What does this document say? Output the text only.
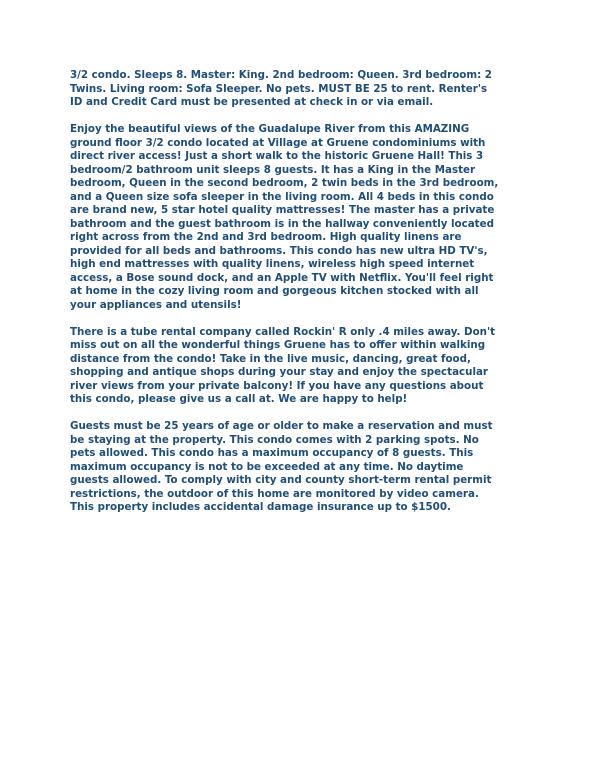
3/2 condo. Sleeps 8. Master: King. 2nd bedroom: Queen. 3rd bedroom: 2
Twins. Living room: Sofa Sleeper. No pets. MUST BE 25 to rent. Renter's
ID and Credit Card must be presented at check in or via email.

Enjoy the beautiful views of the Guadalupe River from this AMAZING
ground floor 3/2 condo located at Village at Gruene condominiums with
direct river access! Just a short walk to the historic Gruene Hall! This 3
bedroom/2 bathroom unit sleeps 8 guests. It has a King in the Master
bedroom, Queen in the second bedroom, 2 twin beds in the 3rd bedroom,
and a Queen size sofa sleeper in the living room. All 4 beds in this condo
are brand new, 5 star hotel quality mattresses! The master has a private
bathroom and the guest bathroom is in the hallway conveniently located
right across from the 2nd and 3rd bedroom. High quality linens are
provided for all beds and bathrooms. This condo has new ultra HD TV's,
high end mattresses with quality linens, wireless high speed internet
access, a Bose sound dock, and an Apple TV with Netflix. You'll feel right
at home in the cozy living room and gorgeous kitchen stocked with all
your appliances and utensils!

There is a tube rental company called Rockin' R only .4 miles away. Don't
miss out on all the wonderful things Gruene has to offer within walking
distance from the condo! Take in the live music, dancing, great food,
shopping and antique shops during your stay and enjoy the spectacular
river views from your private balcony! If you have any questions about
this condo, please give us a call at. We are happy to help!

Guests must be 25 years of age or older to make a reservation and must
be staying at the property. This condo comes with 2 parking spots. No
pets allowed. This condo has a maximum occupancy of 8 guests. This
maximum occupancy is not to be exceeded at any time. No daytime
guests allowed. To comply with city and county short-term rental permit
restrictions, the outdoor of this home are monitored by video camera.
This property includes accidental damage insurance up to $1500.
